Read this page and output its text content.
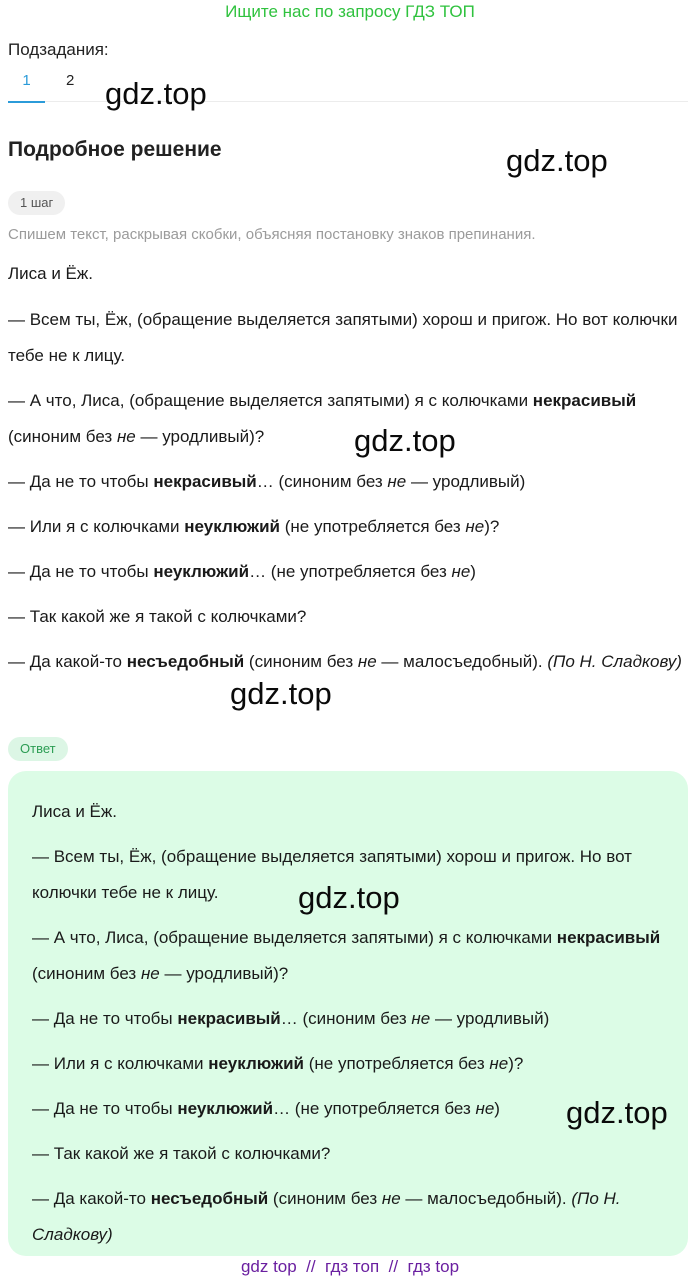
Ищите нас по запросу ГДЗ ТОП
Подзадания:
1	2 gdz.top
gdz.top
gdz.top
gdz.top
Подробное решение
1 шаг
Спишем текст, раскрывая скобки, объясняя постановку знаков препинания.

Лиса и Ёж.

— Всем ты, Ёж, (обращение выделяется запятыми) хорош и пригож. Но вот колючки тебе не к лицу.

— А что, Лиса, (обращение выделяется запятыми) я с колючками некрасивый (синоним без не — уродливый)?

— Да не то чтобы некрасивый… (синоним без не — уродливый)

— Или я с колючками неуклюжий (не употребляется без не)?

— Да не то чтобы неуклюжий… (не употребляется без не)

— Так какой же я такой с колючками?

— Да какой-то несъедобный (синоним без не — малосъедобный). (По Н. Сладкову)

Ответ

Лиса и Ёж.

— Всем ты, Ёж, (обращение выделяется запятыми) хорош и пригож. Но вот колючки тебе не к лицу.

— А что, Лиса, (обращение выделяется запятыми) я с колючками некрасивый (синоним без не — уродливый)?

— Да не то чтобы некрасивый… (синоним без не — уродливый)

— Или я с колючками неуклюжий (не употребляется без не)?

— Да не то чтобы неуклюжий… (не употребляется без не)

— Так какой же я такой с колючками?

— Да какой-то несъедобный (синоним без не — малосъедобный). (По Н. Сладкову)

gdz.top
gdz.top
gdz top  //  гдз топ  //  гдз top
